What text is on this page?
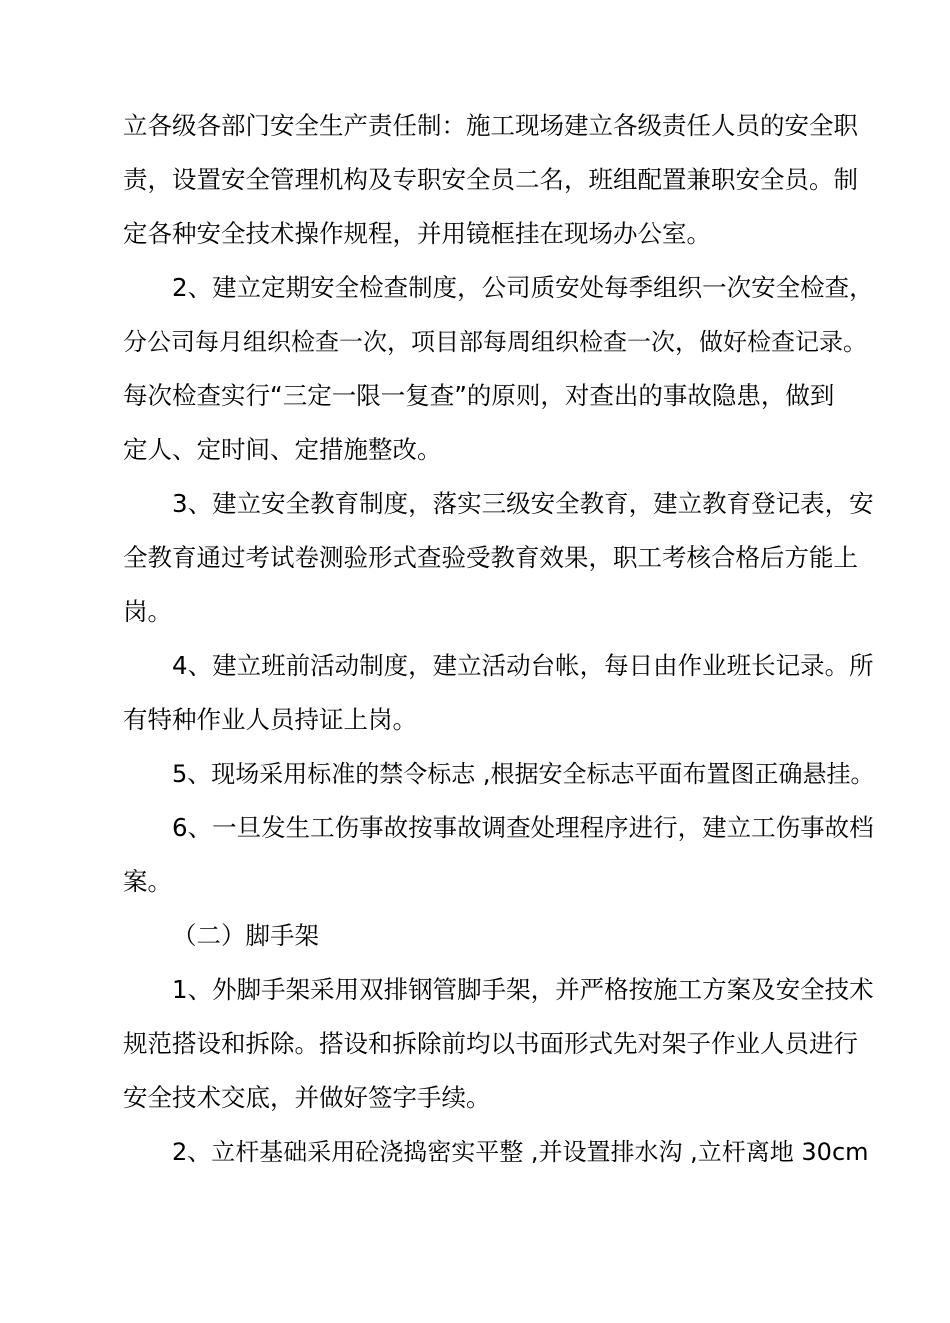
立各级各部门安全生产责任制：施工现场建立各级责任人员的安全职
责，设置安全管理机构及专职安全员二名，班组配置兼职安全员。制
定各种安全技术操作规程，并用镜框挂在现场办公室。
2、建立定期安全检查制度，公司质安处每季组织一次安全检查，
分公司每月组织检查一次，项目部每周组织检查一次，做好检查记录。
每次检查实行“三定一限一复查”的原则，对查出的事故隐患，做到
定人、定时间、定措施整改。
3、建立安全教育制度，落实三级安全教育，建立教育登记表，安
全教育通过考试卷测验形式查验受教育效果，职工考核合格后方能上
岗。
4、建立班前活动制度，建立活动台帐，每日由作业班长记录。所
有特种作业人员持证上岗。
5、现场采用标准的禁令标志 ,根据安全标志平面布置图正确悬挂。
6、一旦发生工伤事故按事故调查处理程序进行，建立工伤事故档
案。
（二）脚手架
1、外脚手架采用双排钢管脚手架，并严格按施工方案及安全技术
规范搭设和拆除。搭设和拆除前均以书面形式先对架子作业人员进行
安全技术交底，并做好签字手续。
2、立杆基础采用砼浇捣密实平整 ,并设置排水沟 ,立杆离地 30cm
